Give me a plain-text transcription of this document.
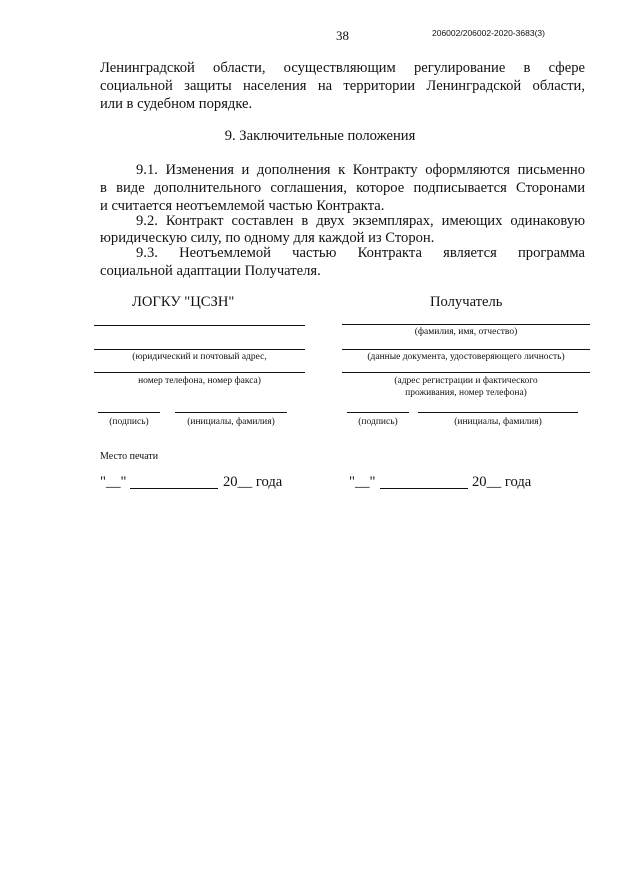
38	206002/206002-2020-3683(3)
Ленинградской области, осуществляющим регулирование в сфере
социальной защиты населения на территории Ленинградской области,
или в судебном порядке.
9. Заключительные положения
9.1. Изменения и дополнения к Контракту оформляются письменно
в виде дополнительного соглашения, которое подписывается Сторонами
и считается неотъемлемой частью Контракта.
9.2. Контракт составлен в двух экземплярах, имеющих одинаковую
юридическую силу, по одному для каждой из Сторон.
9.3. Неотъемлемой частью Контракта является программа
социальной адаптации Получателя.
ЛОГКУ "ЦСЗН"
(юридический и почтовый адрес,
номер телефона, номер факса)
(подпись)	(инициалы, фамилия)
Место печати
"__"	20__ года
Получатель
(фамилия, имя, отчество)
(данные документа, удостоверяющего личность)
(адрес регистрации и фактического
проживания, номер телефона)
(подпись)	(инициалы, фамилия)
"__"	20__ года
